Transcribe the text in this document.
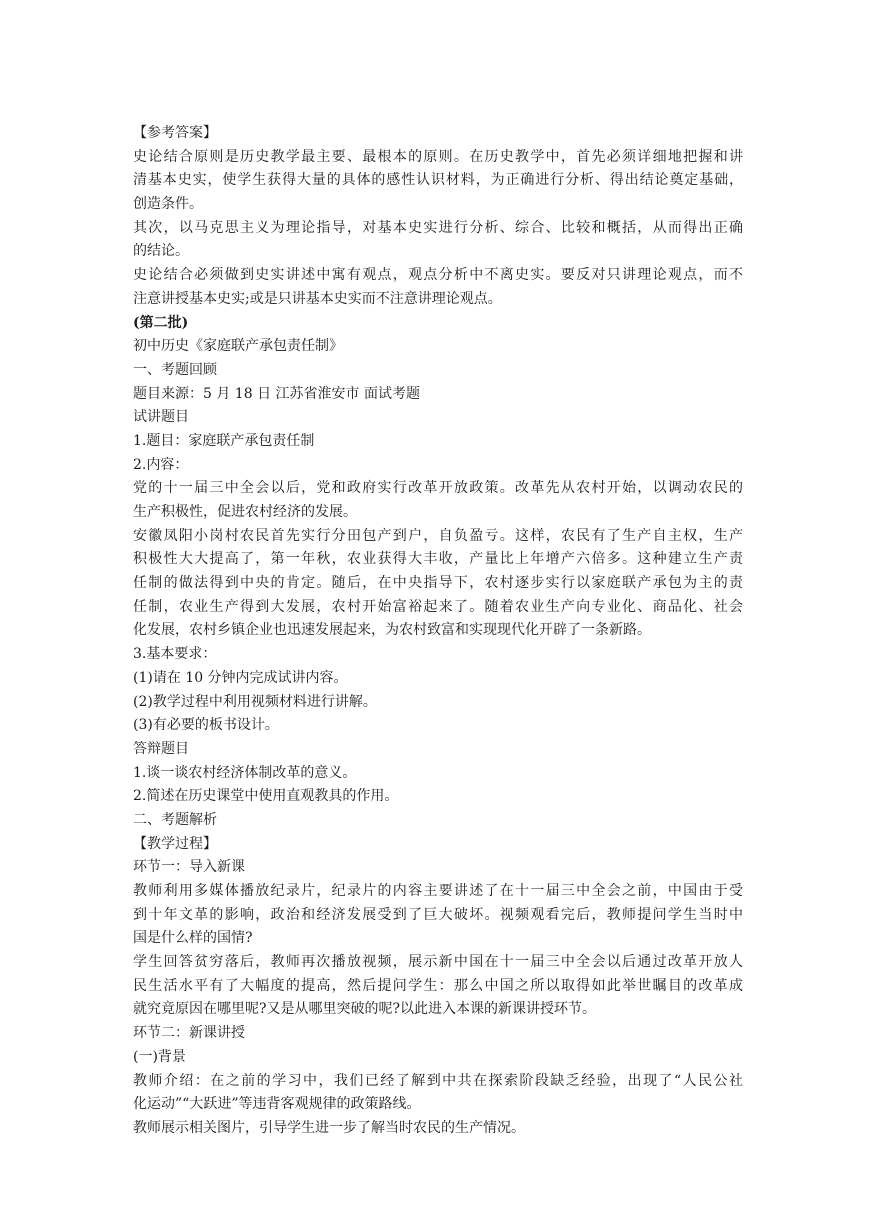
【参考答案】
史论结合原则是历史教学最主要、最根本的原则。在历史教学中，首先必须详细地把握和讲
清基本史实，使学生获得大量的具体的感性认识材料，为正确进行分析、得出结论奠定基础，
创造条件。
其次，以马克思主义为理论指导，对基本史实进行分析、综合、比较和概括，从而得出正确
的结论。
史论结合必须做到史实讲述中寓有观点，观点分析中不离史实。要反对只讲理论观点，而不
注意讲授基本史实;或是只讲基本史实而不注意讲理论观点。
(第二批)
初中历史《家庭联产承包责任制》
一、考题回顾
题目来源：5 月 18 日 江苏省淮安市 面试考题
试讲题目
1.题目：家庭联产承包责任制
2.内容：
党的十一届三中全会以后，党和政府实行改革开放政策。改革先从农村开始，以调动农民的
生产积极性，促进农村经济的发展。
安徽凤阳小岗村农民首先实行分田包产到户，自负盈亏。这样，农民有了生产自主权，生产
积极性大大提高了，第一年秋，农业获得大丰收，产量比上年增产六倍多。这种建立生产责
任制的做法得到中央的肯定。随后，在中央指导下，农村逐步实行以家庭联产承包为主的责
任制，农业生产得到大发展，农村开始富裕起来了。随着农业生产向专业化、商品化、社会
化发展，农村乡镇企业也迅速发展起来，为农村致富和实现现代化开辟了一条新路。
3.基本要求：
(1)请在 10 分钟内完成试讲内容。
(2)教学过程中利用视频材料进行讲解。
(3)有必要的板书设计。
答辩题目
1.谈一谈农村经济体制改革的意义。
2.简述在历史课堂中使用直观教具的作用。
二、考题解析
【教学过程】
环节一：导入新课
教师利用多媒体播放纪录片，纪录片的内容主要讲述了在十一届三中全会之前，中国由于受
到十年文革的影响，政治和经济发展受到了巨大破坏。视频观看完后，教师提问学生当时中
国是什么样的国情?
学生回答贫穷落后，教师再次播放视频，展示新中国在十一届三中全会以后通过改革开放人
民生活水平有了大幅度的提高，然后提问学生：那么中国之所以取得如此举世瞩目的改革成
就究竟原因在哪里呢?又是从哪里突破的呢?以此进入本课的新课讲授环节。
环节二：新课讲授
(一)背景
教师介绍：在之前的学习中，我们已经了解到中共在探索阶段缺乏经验，出现了“人民公社
化运动”“大跃进”等违背客观规律的政策路线。
教师展示相关图片，引导学生进一步了解当时农民的生产情况。
